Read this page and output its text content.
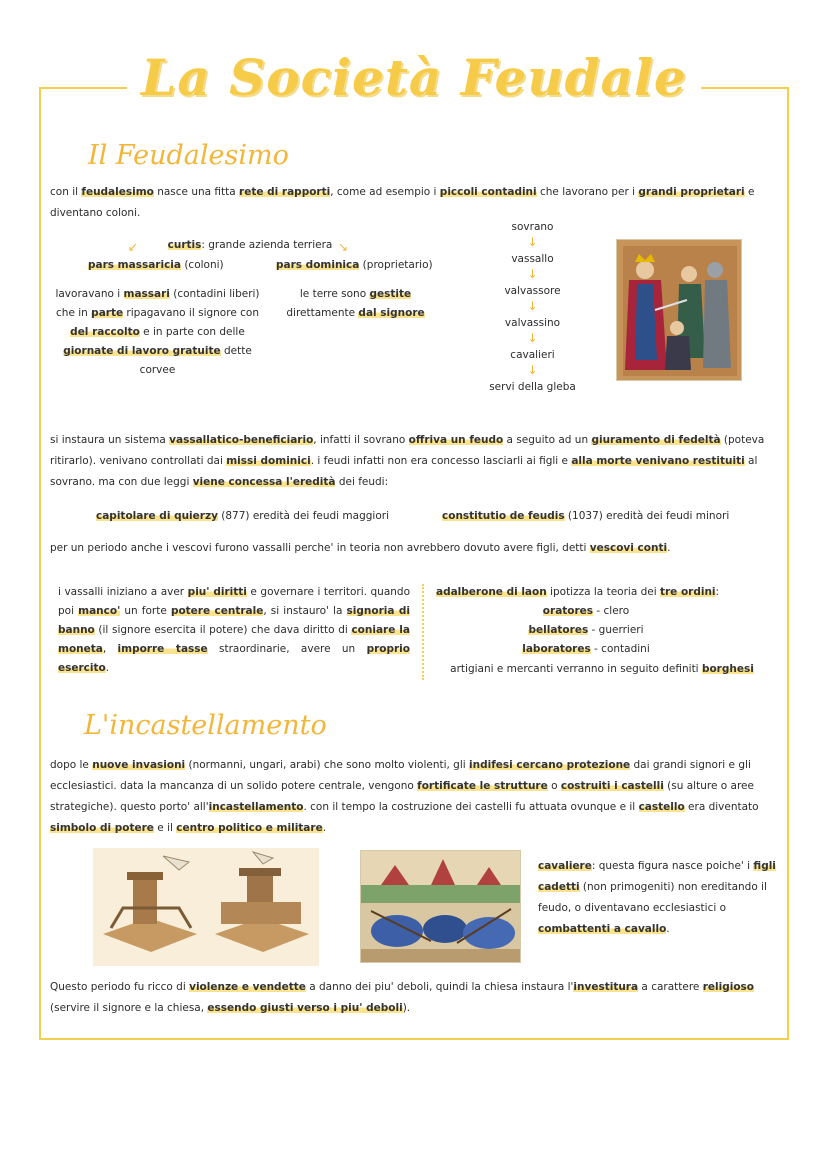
La Società Feudale
Il Feudalesimo
con il feudalesimo nasce una fitta rete di rapporti, come ad esempio i piccoli contadini che lavorano per i grandi proprietari e diventano coloni.
curtis: grande azienda terriera
↙	↘
pars massaricia (coloni)	pars dominica (proprietario)
lavoravano i massari (contadini liberi) che in parte ripagavano il signore con del raccolto e in parte con delle giornate di lavoro gratuite dette corvee
le terre sono gestite direttamente dal signore
sovrano
↓
vassallo
↓
valvassore
↓
valvassino
↓
cavalieri
↓
servi della gleba
si instaura un sistema vassallatico-beneficiario, infatti il sovrano offriva un feudo a seguito ad un giuramento di fedeltà (poteva ritirarlo). venivano controllati dai missi dominici. i feudi infatti non era concesso lasciarli ai figli e alla morte venivano restituiti al sovrano. ma con due leggi viene concessa l'eredità dei feudi:
capitolare di quierzy (877) eredità dei feudi maggiori	constitutio de feudis (1037) eredità dei feudi minori
per un periodo anche i vescovi furono vassalli perche' in teoria non avrebbero dovuto avere figli, detti vescovi conti.
i vassalli iniziano a aver piu' diritti e governare i territori. quando poi manco' un forte potere centrale, si instauro' la signoria di banno (il signore esercita il potere) che dava diritto di coniare la moneta, imporre tasse straordinarie, avere un proprio esercito.
adalberone di laon ipotizza la teoria dei tre ordini:
oratores - clero
bellatores - guerrieri
laboratores - contadini
artigiani e mercanti verranno in seguito definiti borghesi
L'incastellamento
dopo le nuove invasioni (normanni, ungari, arabi) che sono molto violenti, gli indifesi cercano protezione dai grandi signori e gli ecclesiastici. data la mancanza di un solido potere centrale, vengono fortificate le strutture o costruiti i castelli (su alture o aree strategiche). questo porto' all'incastellamento. con il tempo la costruzione dei castelli fu attuata ovunque e il castello era diventato simbolo di potere e il centro politico e militare.
cavaliere: questa figura nasce poiche' i figli cadetti (non primogeniti) non ereditando il feudo, o diventavano ecclesiastici o combattenti a cavallo.
Questo periodo fu ricco di violenze e vendette a danno dei piu' deboli, quindi la chiesa instaura l'investitura a carattere religioso (servire il signore e la chiesa, essendo giusti verso i piu' deboli).
